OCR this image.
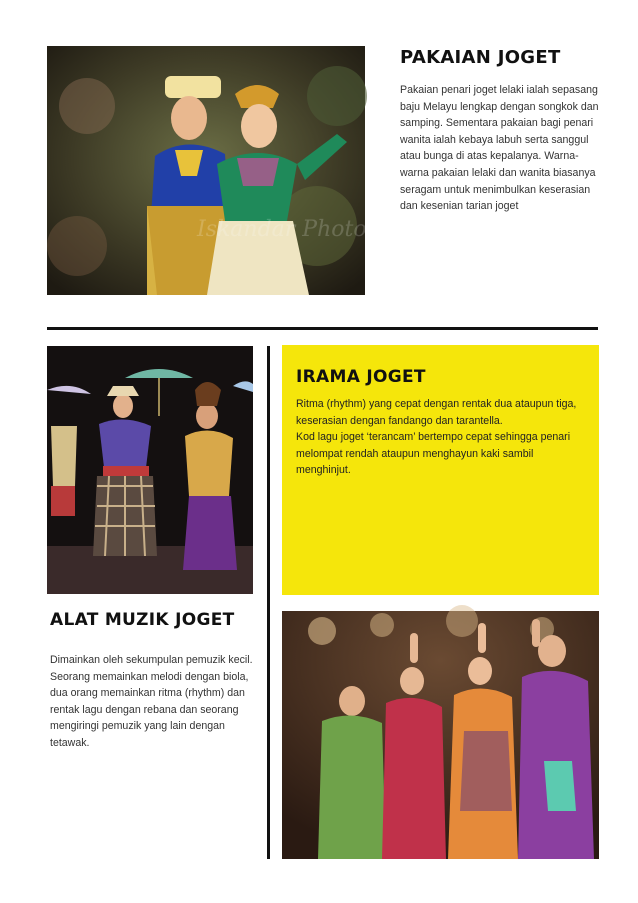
Iskandar Photography
PAKAIAN JOGET
Pakaian penari joget lelaki ialah sepasang baju Melayu lengkap dengan songkok dan samping. Sementara pakaian bagi penari wanita ialah kebaya labuh serta sanggul atau bunga di atas kepalanya. Warna-warna pakaian lelaki dan wanita biasanya seragam untuk menimbulkan keserasian dan kesenian tarian joget
IRAMA JOGET
Ritma (rhythm) yang cepat dengan rentak dua ataupun tiga, keserasian dengan fandango dan tarantella.
Kod lagu joget ‘terancam’ bertempo cepat sehingga penari melompat rendah ataupun menghayun kaki sambil menghinjut.
ALAT MUZIK JOGET
Dimainkan oleh sekumpulan pemuzik kecil. Seorang memainkan melodi dengan biola, dua orang memainkan ritma (rhythm) dan rentak lagu dengan rebana dan seorang mengiringi pemuzik yang lain dengan tetawak.
